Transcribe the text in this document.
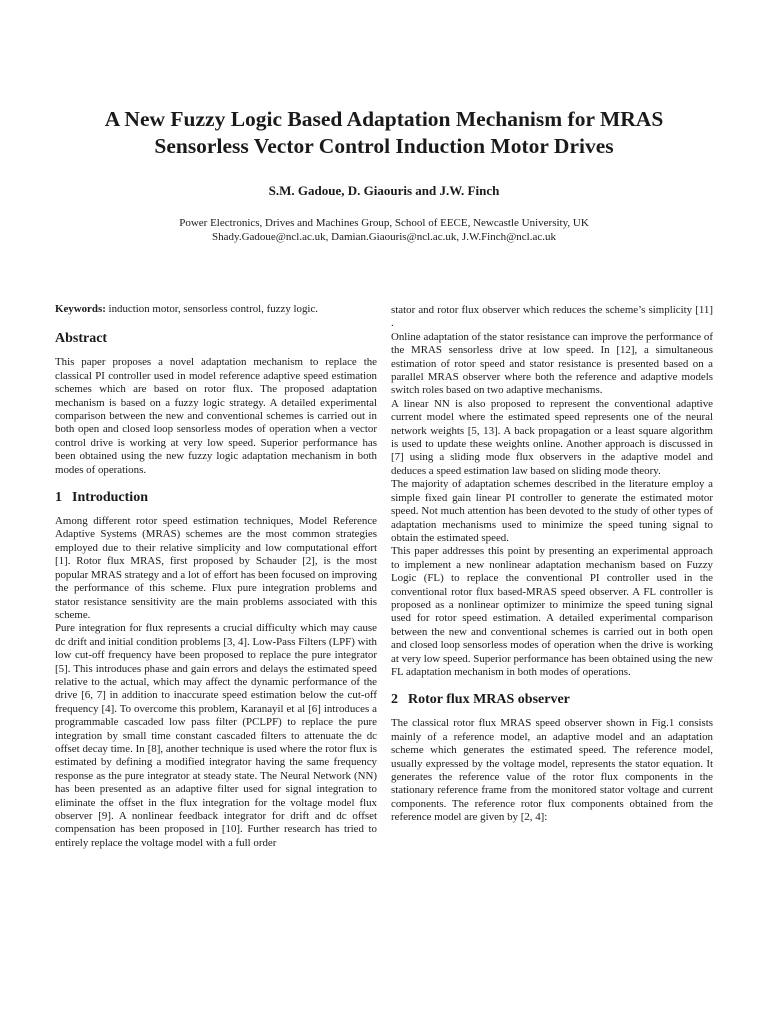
A New Fuzzy Logic Based Adaptation Mechanism for MRAS
Sensorless Vector Control Induction Motor Drives
S.M. Gadoue, D. Giaouris and J.W. Finch
Power Electronics, Drives and Machines Group, School of EECE, Newcastle University, UK
Shady.Gadoue@ncl.ac.uk, Damian.Giaouris@ncl.ac.uk, J.W.Finch@ncl.ac.uk

Keywords: induction motor, sensorless control, fuzzy logic.

Abstract

This paper proposes a novel adaptation mechanism to replace the classical PI controller used in model reference adaptive speed estimation schemes which are based on rotor flux. The proposed adaptation mechanism is based on a fuzzy logic strategy. A detailed experimental comparison between the new and conventional schemes is carried out in both open and closed loop sensorless modes of operation when a vector control drive is working at very low speed. Superior performance has been obtained using the new fuzzy logic adaptation mechanism in both modes of operations.

1 Introduction

Among different rotor speed estimation techniques, Model Reference Adaptive Systems (MRAS) schemes are the most common strategies employed due to their relative simplicity and low computational effort [1]. Rotor flux MRAS, first proposed by Schauder [2], is the most popular MRAS strategy and a lot of effort has been focused on improving the performance of this scheme. Flux pure integration problems and stator resistance sensitivity are the main problems associated with this scheme.

Pure integration for flux represents a crucial difficulty which may cause dc drift and initial condition problems [3, 4]. Low-Pass Filters (LPF) with low cut-off frequency have been proposed to replace the pure integrator [5]. This introduces phase and gain errors and delays the estimated speed relative to the actual, which may affect the dynamic performance of the drive [6, 7] in addition to inaccurate speed estimation below the cut-off frequency [4]. To overcome this problem, Karanayil et al [6] introduces a programmable cascaded low pass filter (PCLPF) to replace the pure integration by small time constant cascaded filters to attenuate the dc offset decay time. In [8], another technique is used where the rotor flux is estimated by defining a modified integrator having the same frequency response as the pure integrator at steady state. The Neural Network (NN) has been presented as an adaptive filter used for signal integration to eliminate the offset in the flux integration for the voltage model flux observer [9]. A nonlinear feedback integrator for drift and dc offset compensation has been proposed in [10]. Further research has tried to entirely replace the voltage model with a full order

stator and rotor flux observer which reduces the scheme’s simplicity [11] .

Online adaptation of the stator resistance can improve the performance of the MRAS sensorless drive at low speed. In [12], a simultaneous estimation of rotor speed and stator resistance is presented based on a parallel MRAS observer where both the reference and adaptive models switch roles based on two adaptive mechanisms.

A linear NN is also proposed to represent the conventional adaptive current model where the estimated speed represents one of the neural network weights [5, 13]. A back propagation or a least square algorithm is used to update these weights online. Another approach is discussed in [7] using a sliding mode flux observers in the adaptive model and deduces a speed estimation law based on sliding mode theory.

The majority of adaptation schemes described in the literature employ a simple fixed gain linear PI controller to generate the estimated motor speed. Not much attention has been devoted to the study of other types of adaptation mechanisms used to minimize the speed tuning signal to obtain the estimated speed.

This paper addresses this point by presenting an experimental approach to implement a new nonlinear adaptation mechanism based on Fuzzy Logic (FL) to replace the conventional PI controller used in the conventional rotor flux based-MRAS speed observer. A FL controller is proposed as a nonlinear optimizer to minimize the speed tuning signal used for rotor speed estimation. A detailed experimental comparison between the new and conventional schemes is carried out in both open and closed loop sensorless modes of operation when the drive is working at very low speed. Superior performance has been obtained using the new FL adaptation mechanism in both modes of operations.

2 Rotor flux MRAS observer

The classical rotor flux MRAS speed observer shown in Fig.1 consists mainly of a reference model, an adaptive model and an adaptation scheme which generates the estimated speed. The reference model, usually expressed by the voltage model, represents the stator equation. It generates the reference value of the rotor flux components in the stationary reference frame from the monitored stator voltage and current components. The reference rotor flux components obtained from the reference model are given by [2, 4]:
